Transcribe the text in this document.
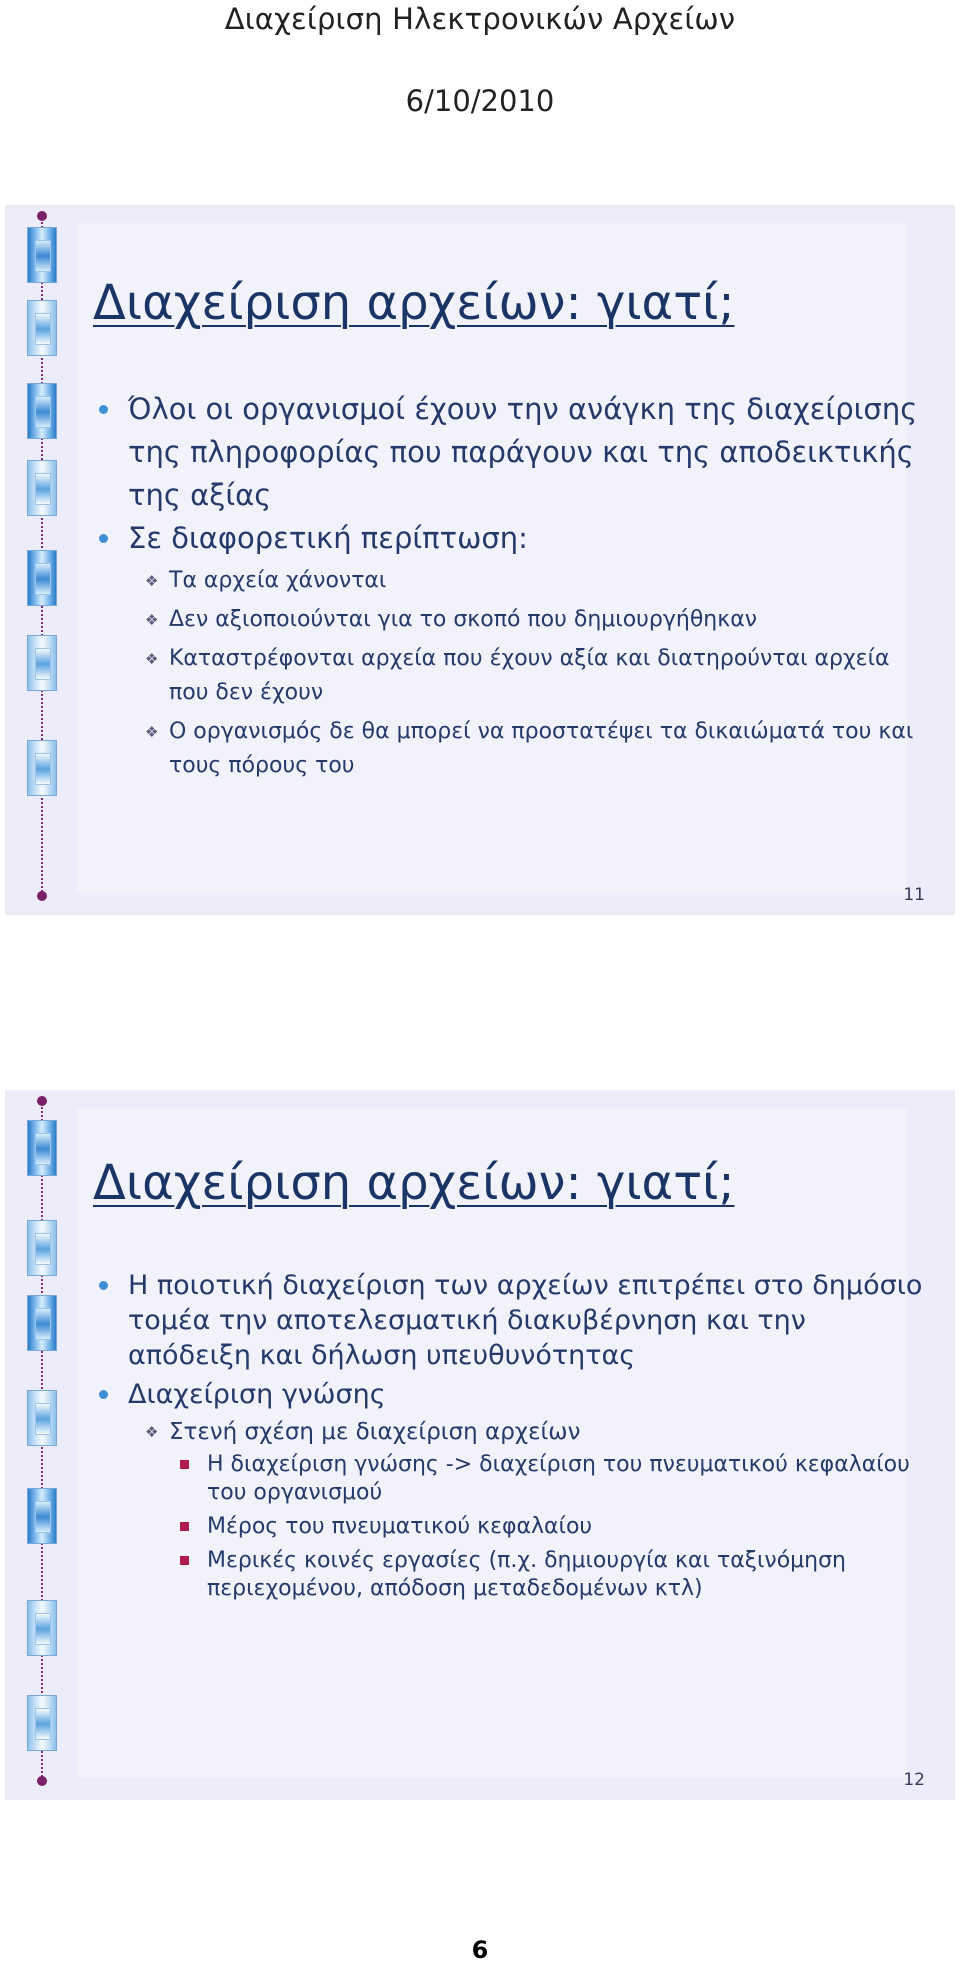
Διαχείριση Ηλεκτρονικών Αρχείων
6/10/2010
Διαχείριση αρχείων: γιατί;
Όλοι οι οργανισμοί έχουν την ανάγκη της διαχείρισης της πληροφορίας που παράγουν και της αποδεικτικής της αξίας
Σε διαφορετική περίπτωση:
❖ Τα αρχεία χάνονται
❖ Δεν αξιοποιούνται για το σκοπό που δημιουργήθηκαν
❖ Καταστρέφονται αρχεία που έχουν αξία και διατηρούνται αρχεία που δεν έχουν
❖ Ο οργανισμός δε θα μπορεί να προστατέψει τα δικαιώματά του και τους πόρους του
11
Διαχείριση αρχείων: γιατί;
Η ποιοτική διαχείριση των αρχείων επιτρέπει στο δημόσιο τομέα την αποτελεσματική διακυβέρνηση και την απόδειξη και δήλωση υπευθυνότητας
Διαχείριση γνώσης
❖ Στενή σχέση με διαχείριση αρχείων
Η διαχείριση γνώσης -> διαχείριση του πνευματικού κεφαλαίου του οργανισμού
Μέρος του πνευματικού κεφαλαίου
Μερικές κοινές εργασίες (π.χ. δημιουργία και ταξινόμηση περιεχομένου, απόδοση μεταδεδομένων κτλ)
12
6
